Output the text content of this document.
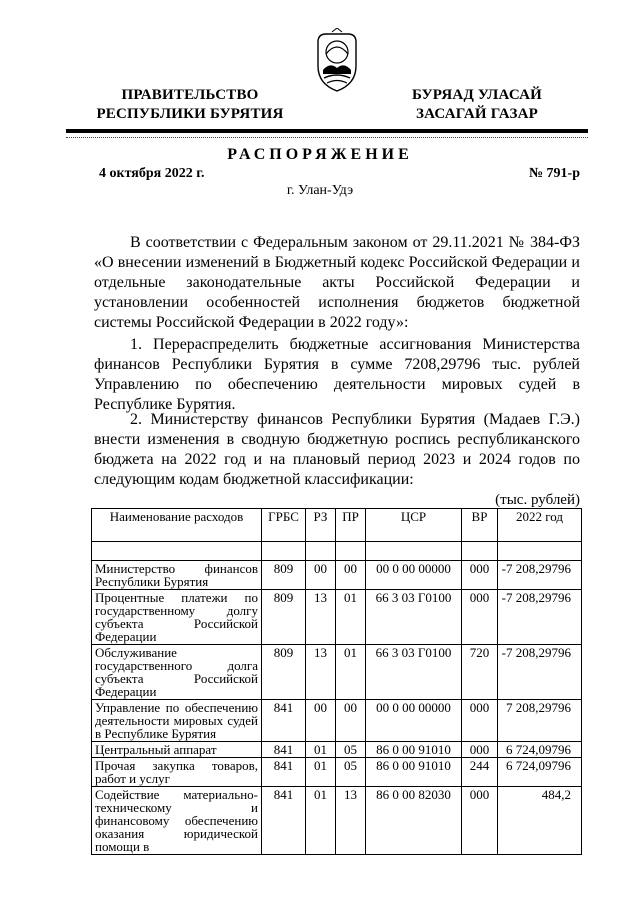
ПРАВИТЕЛЬСТВО
РЕСПУБЛИКИ БУРЯТИЯ
БУРЯАД УЛАСАЙ
ЗАСАГАЙ ГАЗАР
РАСПОРЯЖЕНИЕ
4 октября 2022 г.	№ 791-р
г. Улан-Удэ
В соответствии с Федеральным законом от 29.11.2021 № 384-ФЗ «О внесении изменений в Бюджетный кодекс Российской Федерации и отдельные законодательные акты Российской Федерации и установлении особенностей исполнения бюджетов бюджетной системы Российской Федерации в 2022 году»:
1. Перераспределить бюджетные ассигнования Министерства финансов Республики Бурятия в сумме 7208,29796 тыс. рублей Управлению по обеспечению деятельности мировых судей в Республике Бурятия.
2. Министерству финансов Республики Бурятия (Мадаев Г.Э.) внести изменения в сводную бюджетную роспись республиканского бюджета на 2022 год и на плановый период 2023 и 2024 годов по следующим кодам бюджетной классификации:
(тыс. рублей)
Наименование расходов	ГРБС	РЗ	ПР	ЦСР	ВР	2022 год

Министерство финансов Республики Бурятия	809	00	00	00 0 00 00000	000	-7 208,29796
Процентные платежи по государственному долгу субъекта Российской Федерации	809	13	01	66 3 03 Г0100	000	-7 208,29796
Обслуживание государственного долга субъекта Российской Федерации	809	13	01	66 3 03 Г0100	720	-7 208,29796
Управление по обеспечению деятельности мировых судей в Республике Бурятия	841	00	00	00 0 00 00000	000	7 208,29796
Центральный аппарат	841	01	05	86 0 00 91010	000	6 724,09796
Прочая закупка товаров, работ и услуг	841	01	05	86 0 00 91010	244	6 724,09796
Содействие материально-техническому и финансовому обеспечению оказания юридической помощи в	841	01	13	86 0 00 82030	000	484,2
